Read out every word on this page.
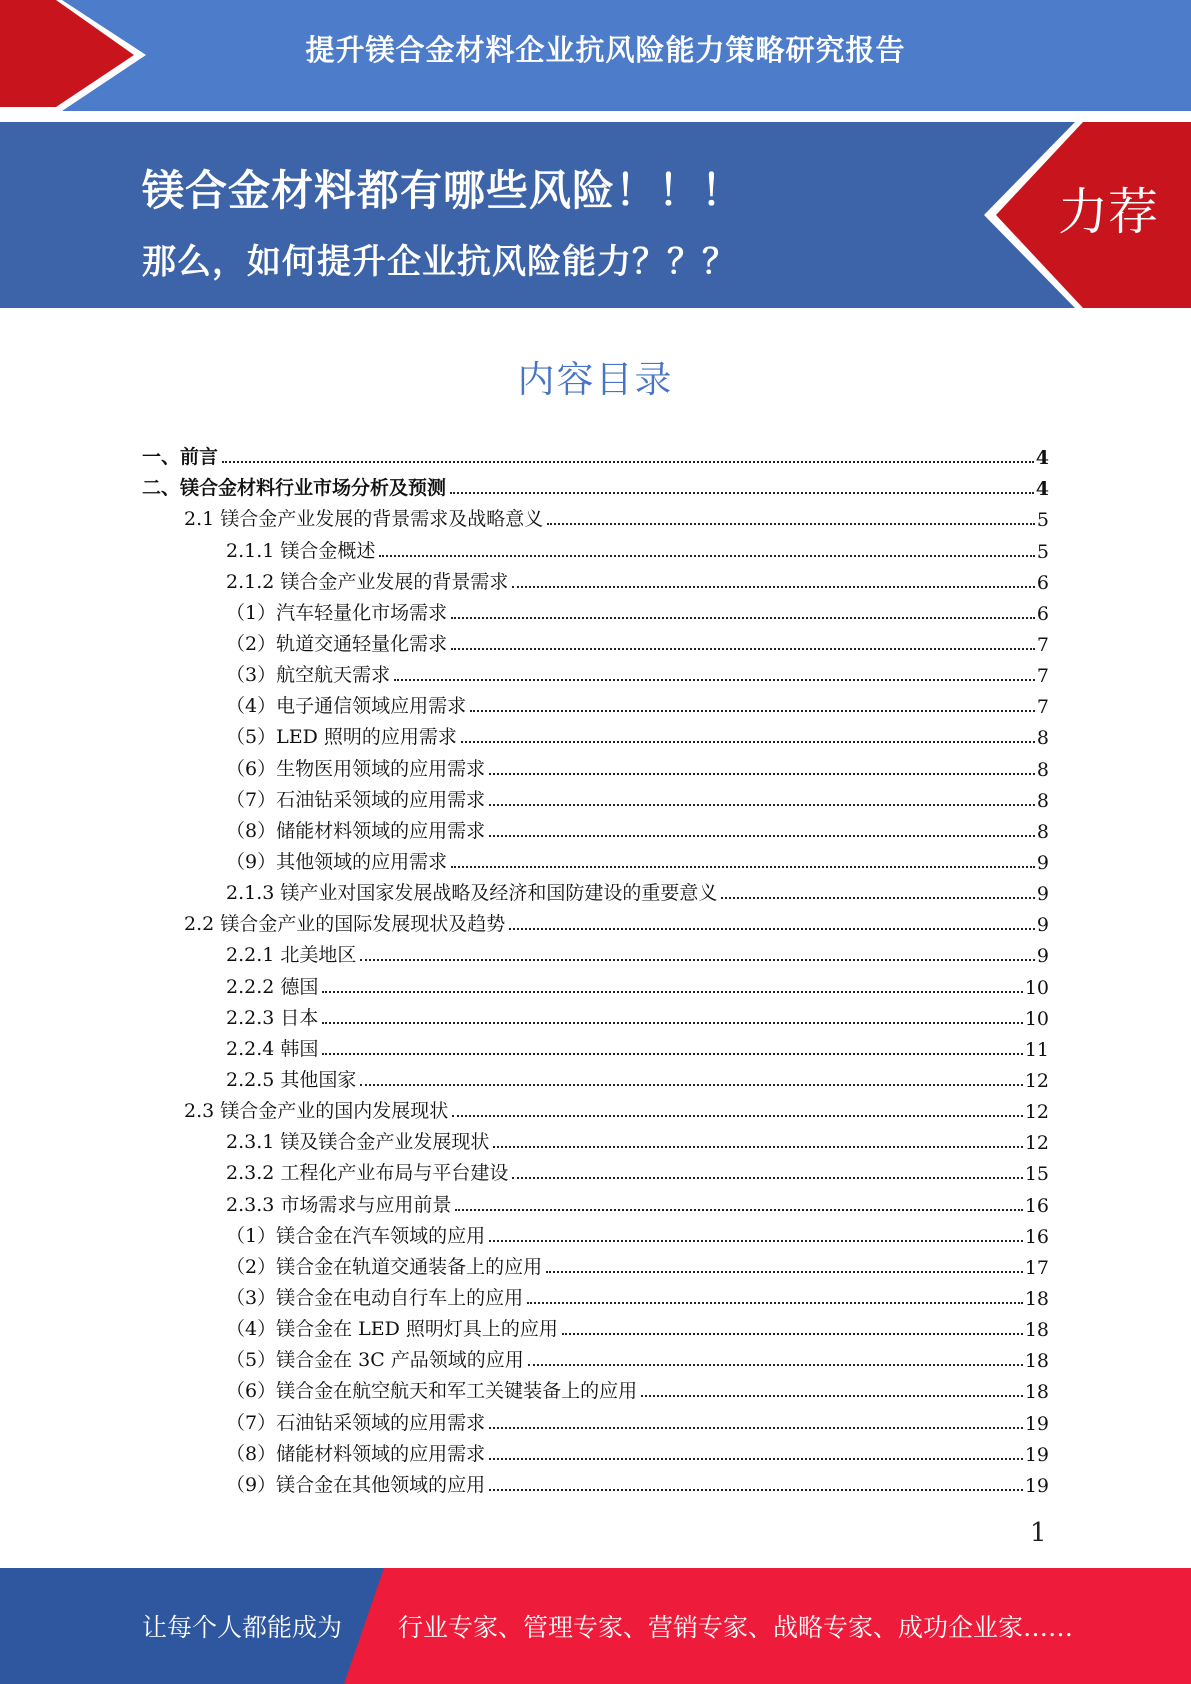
提升镁合金材料企业抗风险能力策略研究报告
镁合金材料都有哪些风险！！！
那么，如何提升企业抗风险能力？？？
力荐
内容目录
一、前言	4
二、镁合金材料行业市场分析及预测	4
2.1 镁合金产业发展的背景需求及战略意义	5
2.1.1 镁合金概述	5
2.1.2 镁合金产业发展的背景需求	6
（1）汽车轻量化市场需求	6
（2）轨道交通轻量化需求	7
（3）航空航天需求	7
（4）电子通信领域应用需求	7
（5）LED 照明的应用需求	8
（6）生物医用领域的应用需求	8
（7）石油钻采领域的应用需求	8
（8）储能材料领域的应用需求	8
（9）其他领域的应用需求	9
2.1.3 镁产业对国家发展战略及经济和国防建设的重要意义	9
2.2 镁合金产业的国际发展现状及趋势	9
2.2.1 北美地区	9
2.2.2 德国	10
2.2.3 日本	10
2.2.4 韩国	11
2.2.5 其他国家	12
2.3 镁合金产业的国内发展现状	12
2.3.1 镁及镁合金产业发展现状	12
2.3.2 工程化产业布局与平台建设	15
2.3.3 市场需求与应用前景	16
（1）镁合金在汽车领域的应用	16
（2）镁合金在轨道交通装备上的应用	17
（3）镁合金在电动自行车上的应用	18
（4）镁合金在 LED 照明灯具上的应用	18
（5）镁合金在 3C 产品领域的应用	18
（6）镁合金在航空航天和军工关键装备上的应用	18
（7）石油钻采领域的应用需求	19
（8）储能材料领域的应用需求	19
（9）镁合金在其他领域的应用	19
1
让每个人都能成为 行业专家、管理专家、营销专家、战略专家、成功企业家……
